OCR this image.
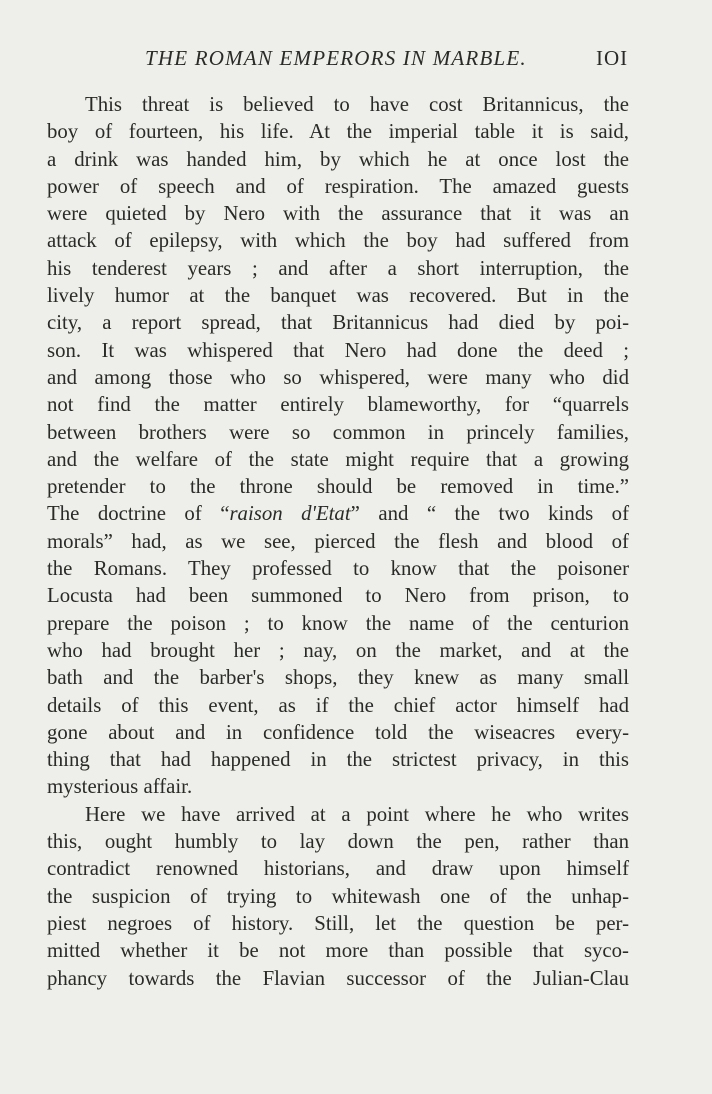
THE ROMAN EMPERORS IN MARBLE.	IOI
This threat is believed to have cost Britannicus, the
boy of fourteen, his life. At the imperial table it is said,
a drink was handed him, by which he at once lost the
power of speech and of respiration. The amazed guests
were quieted by Nero with the assurance that it was an
attack of epilepsy, with which the boy had suffered from
his tenderest years ; and after a short interruption, the
lively humor at the banquet was recovered. But in the
city, a report spread, that Britannicus had died by poi-
son. It was whispered that Nero had done the deed ;
and among those who so whispered, were many who did
not find the matter entirely blameworthy, for “quarrels
between brothers were so common in princely families,
and the welfare of the state might require that a growing
pretender to the throne should be removed in time.”
The doctrine of “raison d'Etat” and “ the two kinds of
morals” had, as we see, pierced the flesh and blood of
the Romans. They professed to know that the poisoner
Locusta had been summoned to Nero from prison, to
prepare the poison ; to know the name of the centurion
who had brought her ; nay, on the market, and at the
bath and the barber's shops, they knew as many small
details of this event, as if the chief actor himself had
gone about and in confidence told the wiseacres every-
thing that had happened in the strictest privacy, in this
mysterious affair.
Here we have arrived at a point where he who writes
this, ought humbly to lay down the pen, rather than
contradict renowned historians, and draw upon himself
the suspicion of trying to whitewash one of the unhap-
piest negroes of history. Still, let the question be per-
mitted whether it be not more than possible that syco-
phancy towards the Flavian successor of the Julian-Clau
